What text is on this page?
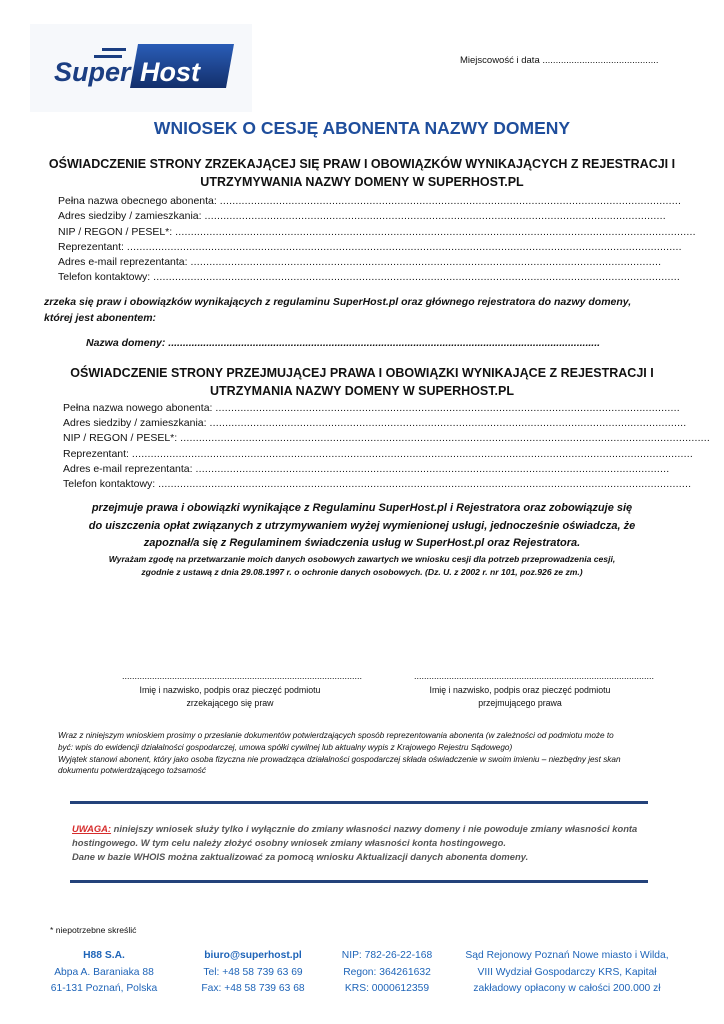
Super Host	Miejscowość i data ............................................
WNIOSEK O CESJĘ ABONENTA NAZWY DOMENY
OŚWIADCZENIE STRONY ZRZEKAJĄCEJ SIĘ PRAW I OBOWIĄZKÓW WYNIKAJĄCYCH Z REJESTRACJI I
UTRZYMYWANIA NAZWY DOMENY W SUPERHOST.PL
Pełna nazwa obecnego abonenta: ....................................................................................................................................................
Adres siedziby / zamieszkania: ....................................................................................................................................................
NIP / REGON / PESEL*: .......................................................................................................................................................................
Reprezentant: ..................................................................................................................................................................................
Adres e-mail reprezentanta: .......................................................................................................................................................
Telefon kontaktowy: .........................................................................................................................................................................
zrzeka się praw i obowiązków wynikających z regulaminu SuperHost.pl oraz głównego rejestratora do nazwy domeny,
której jest abonentem:
Nazwa domeny: ....................................................................................................................................................
OŚWIADCZENIE STRONY PRZEJMUJĄCEJ PRAWA I OBOWIĄZKI WYNIKAJĄCE Z REJESTRACJI I
UTRZYMANIA NAZWY DOMENY W SUPERHOST.PL
Pełna nazwa nowego abonenta: .....................................................................................................................................................
Adres siedziby / zamieszkania: .........................................................................................................................................................
NIP / REGON / PESEL*: ..........................................................................................................................................................................
Reprezentant: ....................................................................................................................................................................................
Adres e-mail reprezentanta: ........................................................................................................................................................
Telefon kontaktowy: ...........................................................................................................................................................................
przejmuje prawa i obowiązki wynikające z Regulaminu SuperHost.pl i Rejestratora oraz zobowiązuje się
do uiszczenia opłat związanych z utrzymywaniem wyżej wymienionej usługi, jednocześnie oświadcza, że
zapoznał/a się z Regulaminem świadczenia usług w SuperHost.pl oraz Rejestratora.
Wyrażam zgodę na przetwarzanie moich danych osobowych zawartych we wniosku cesji dla potrzeb przeprowadzenia cesji,
zgodnie z ustawą z dnia 29.08.1997 r. o ochronie danych osobowych. (Dz. U. z 2002 r. nr 101, poz.926 ze zm.)
................................................................................................
Imię i nazwisko, podpis oraz pieczęć podmiotu
zrzekającego się praw
................................................................................................
Imię i nazwisko, podpis oraz pieczęć podmiotu
przejmującego prawa
Wraz z niniejszym wnioskiem prosimy o przesłanie dokumentów potwierdzających sposób reprezentowania abonenta (w zależności od podmiotu może to
być: wpis do ewidencji działalności gospodarczej, umowa spółki cywilnej lub aktualny wypis z Krajowego Rejestru Sądowego)
Wyjątek stanowi abonent, który jako osoba fizyczna nie prowadząca działalności gospodarczej składa oświadczenie w swoim imieniu – niezbędny jest skan
dokumentu potwierdzającego tożsamość
UWAGA: niniejszy wniosek służy tylko i wyłącznie do zmiany własności nazwy domeny i nie powoduje zmiany własności konta
hostingowego. W tym celu należy złożyć osobny wniosek zmiany własności konta hostingowego.
Dane w bazie WHOIS można zaktualizować za pomocą wniosku Aktualizacji danych abonenta domeny.
* niepotrzebne skreślić
H88 S.A.
Abpa A. Baraniaka 88
61-131 Poznań, Polska
biuro@superhost.pl
Tel: +48 58 739 63 69
Fax: +48 58 739 63 68
NIP: 782-26-22-168
Regon: 364261632
KRS: 0000612359
Sąd Rejonowy Poznań Nowe miasto i Wilda,
VIII Wydział Gospodarczy KRS, Kapitał
zakładowy opłacony w całości 200.000 zł
